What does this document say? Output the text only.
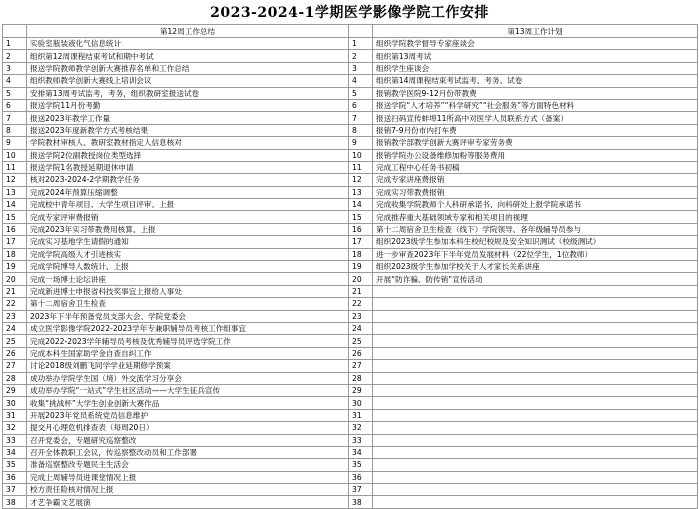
2023-2024-1学期医学影像学院工作安排
	第12周工作总结		第13周工作计划
1	实验室瓶装液化气信息统计	1	组织学院教学督导专家座谈会
2	组织第12周课程结束考试和期中考试	2	组织第13周考试
3	报送学院教师教学创新大赛推荐名单和工作总结	3	组织学生座谈会
4	组织教师教学创新大赛线上培训会议	4	组织第14周课程结束考试监考、考务、试卷
5	安排第13周考试监考，考务，组织教研室报送试卷	5	报销教学医院9-12月份带教费
6	报送学院11月份考勤	6	报送学院“人才培养”“科学研究”“社会服务”等方面特色材料
7	报送2023年教学工作量	7	报送扫码宣传蚌埠11所高中对医学人员联系方式（备案）
8	报送2023年度新教学方式考核结果	8	报销7-9月份市内打车费
9	学院教材审核人、教研室教材指定人信息核对	9	报销教学部教学创新大赛评审专家劳务费
10	报送学院2位副教授岗位类型选择	10	报销学院办公设备维修加粉等服务费用
11	报送学院1名教授延期退休申请	11	完成工程中心任务书初稿
12	核对2023-2024-2学期教学任务	12	完成专家讲座费报销
13	完成2024年预算压缩调整	13	完成实习带教费报销
14	完成校中青年项目、大学生项目评审、上报	14	完成收集学院教师个人科研承诺书、向科研处上报学院承诺书
15	完成专家评审费报销	15	完成推荐重大基础领域专家和相关项目的视理
16	完成2023年实习带教费用核算、上报	16	第十二周宿舍卫生检查（线下）学院领导、各年级辅导员参与
17	完成实习基地学生请假的通知	17	组织2023级学生参加本科生校纪校规及安全知识测试（校级测试）
18	完成学院高级人才引进核实	18	进一步审查2023年下半年党员发展材料（22位学生，1位教师）
19	完成学院博导人数统计、上报	19	组织2023级学生参加学校关于人才家长关系讲座
20	完成一场博士论坛讲座	20	开展“防诈骗、防传销”宣传活动
21	完成新进博士申报省科技奖事宜上报给人事处	21	
22	第十二周宿舍卫生检查	22	
23	2023年下半年预备党员支部大会、学院党委会	23	
24	成立医学影像学院2022-2023学年专兼职辅导员考核工作组事宜	24	
25	完成2022-2023学年辅导员考核及优秀辅导员评选学院工作	25	
26	完成本科生国家助学金自查自纠工作	26	
27	讨论2018级刘鹏飞同学学业延期修学预案	27	
28	成功举办学院学生国（境）外交流学习分享会	28	
29	成功举办学院“一站式”学生社区活动——大学生征兵宣传	29	
30	收集“挑战杯”大学生创业创新大赛作品	30	
31	开展2023年党员系统党员信息维护	31	
32	提交月心理危机排查表（每周20日）	32	
33	召开党委会，专题研究巡察整改	33	
34	召开全体教职工会议，传巡察整改动员和工作部署	34	
35	准备巡察整改专题民主生活会	35	
36	完成上周辅导员进课堂情况上报	36	
37	校方责任险核对情况上报	37	
38	才艺争霸文艺展演	38	
